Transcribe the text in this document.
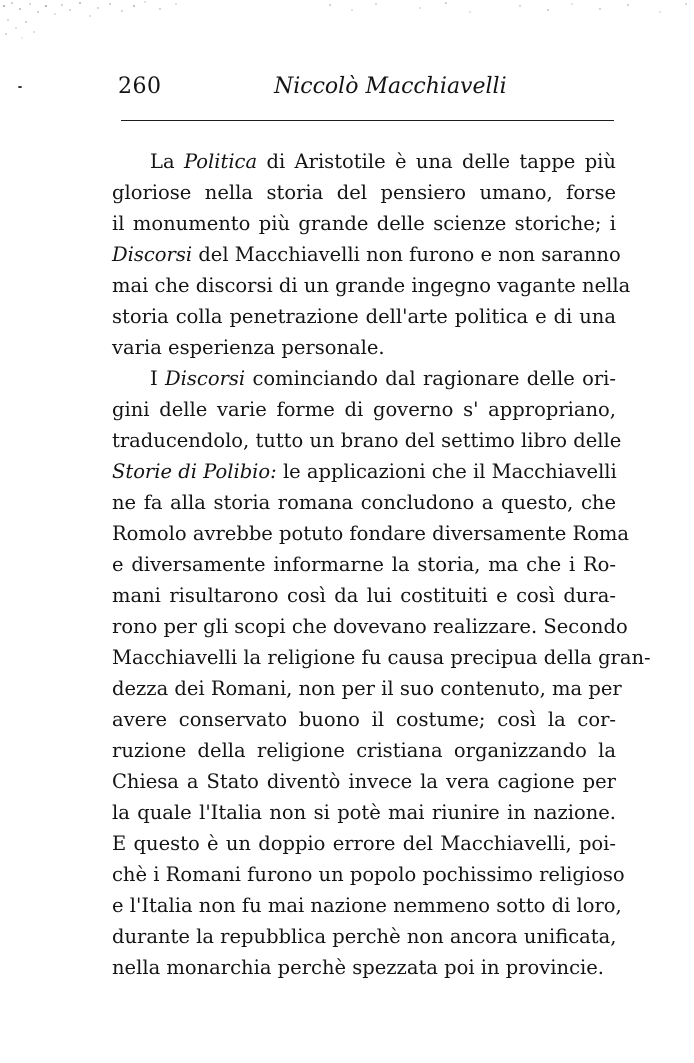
260	Niccolò Macchiavelli
La Politica di Aristotile è una delle tappe più
gloriose nella storia del pensiero umano, forse
il monumento più grande delle scienze storiche; i
Discorsi del Macchiavelli non furono e non saranno
mai che discorsi di un grande ingegno vagante nella
storia colla penetrazione dell'arte politica e di una
varia esperienza personale.
I Discorsi cominciando dal ragionare delle ori-
gini delle varie forme di governo s' appropriano,
traducendolo, tutto un brano del settimo libro delle
Storie di Polibio: le applicazioni che il Macchiavelli
ne fa alla storia romana concludono a questo, che
Romolo avrebbe potuto fondare diversamente Roma
e diversamente informarne la storia, ma che i Ro-
mani risultarono così da lui costituiti e così dura-
rono per gli scopi che dovevano realizzare. Secondo
Macchiavelli la religione fu causa precipua della gran-
dezza dei Romani, non per il suo contenuto, ma per
avere conservato buono il costume; così la cor-
ruzione della religione cristiana organizzando la
Chiesa a Stato diventò invece la vera cagione per
la quale l'Italia non si potè mai riunire in nazione.
E questo è un doppio errore del Macchiavelli, poi-
chè i Romani furono un popolo pochissimo religioso
e l'Italia non fu mai nazione nemmeno sotto di loro,
durante la repubblica perchè non ancora unificata,
nella monarchia perchè spezzata poi in provincie.
